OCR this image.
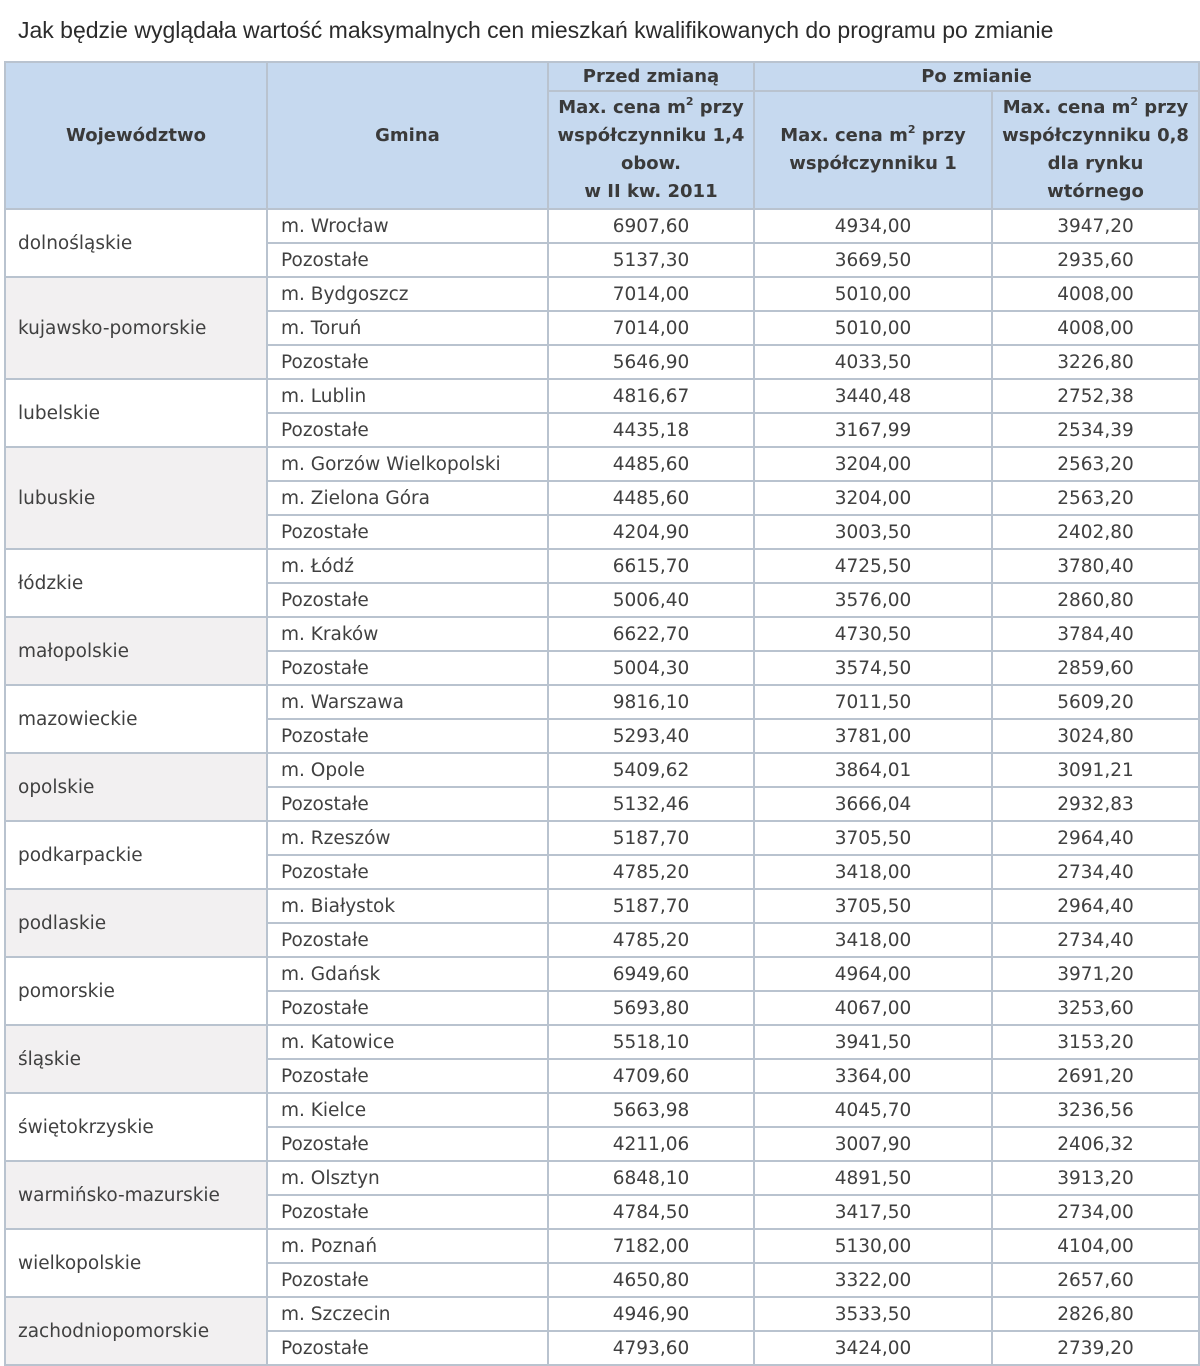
Jak będzie wyglądała wartość maksymalnych cen mieszkań kwalifikowanych do programu po zmianie
Województwo	Gmina	Przed zmianą	Po zmianie	
		Max. cena $m^2$ przy
współczynniku 1,4
obow.
w II kw. 2011	Max. cena $m^2$ przy
współczynniku 1	Max. cena $m^2$ przy
współczynniku 0,8
dla rynku
wtórnego
dolnośląskie	m. Wrocław	6907,60	4934,00	3947,20
	Pozostałe	5137,30	3669,50	2935,60
kujawsko-pomorskie	m. Bydgoszcz	7014,00	5010,00	4008,00
	m. Toruń	7014,00	5010,00	4008,00
	Pozostałe	5646,90	4033,50	3226,80
lubelskie	m. Lublin	4816,67	3440,48	2752,38
	Pozostałe	4435,18	3167,99	2534,39
lubuskie	m. Gorzów Wielkopolski	4485,60	3204,00	2563,20
	m. Zielona Góra	4485,60	3204,00	2563,20
	Pozostałe	4204,90	3003,50	2402,80
łódzkie	m. Łódź	6615,70	4725,50	3780,40
	Pozostałe	5006,40	3576,00	2860,80
małopolskie	m. Kraków	6622,70	4730,50	3784,40
	Pozostałe	5004,30	3574,50	2859,60
mazowieckie	m. Warszawa	9816,10	7011,50	5609,20
	Pozostałe	5293,40	3781,00	3024,80
opolskie	m. Opole	5409,62	3864,01	3091,21
	Pozostałe	5132,46	3666,04	2932,83
podkarpackie	m. Rzeszów	5187,70	3705,50	2964,40
	Pozostałe	4785,20	3418,00	2734,40
podlaskie	m. Białystok	5187,70	3705,50	2964,40
	Pozostałe	4785,20	3418,00	2734,40
pomorskie	m. Gdańsk	6949,60	4964,00	3971,20
	Pozostałe	5693,80	4067,00	3253,60
śląskie	m. Katowice	5518,10	3941,50	3153,20
	Pozostałe	4709,60	3364,00	2691,20
świętokrzyskie	m. Kielce	5663,98	4045,70	3236,56
	Pozostałe	4211,06	3007,90	2406,32
warmińsko-mazurskie	m. Olsztyn	6848,10	4891,50	3913,20
	Pozostałe	4784,50	3417,50	2734,00
wielkopolskie	m. Poznań	7182,00	5130,00	4104,00
	Pozostałe	4650,80	3322,00	2657,60
zachodniopomorskie	m. Szczecin	4946,90	3533,50	2826,80
	Pozostałe	4793,60	3424,00	2739,20
